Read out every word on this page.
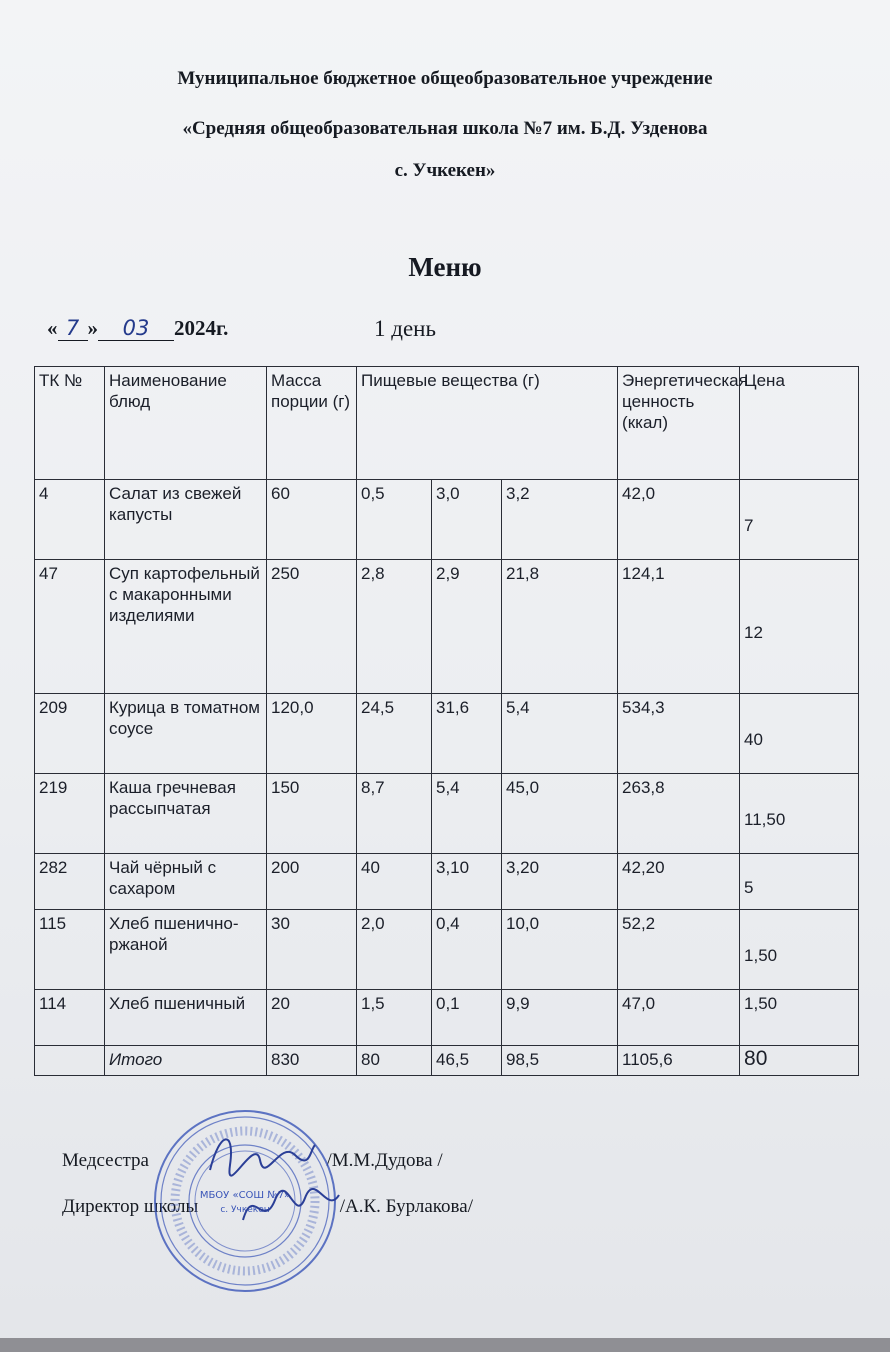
Муниципальное бюджетное общеобразовательное учреждение
«Средняя общеобразовательная школа №7 им. Б.Д. Узденова
с. Учкекен»
Меню
« 7 » 03 2024г.	1 день
ТК №	Наименование блюд	Масса порции (г)	Пищевые вещества (г)			Энергетическая ценность (ккал)	Цена
4	Салат из свежей капусты	60	0,5	3,0	3,2	42,0	7
47	Суп картофельный с макаронными изделиями	250	2,8	2,9	21,8	124,1	12
209	Курица в томатном соусе	120,0	24,5	31,6	5,4	534,3	40
219	Каша гречневая рассыпчатая	150	8,7	5,4	45,0	263,8	11,50
282	Чай чёрный с сахаром	200	40	3,10	3,20	42,20	5
115	Хлеб пшенично-ржаной	30	2,0	0,4	10,0	52,2	1,50
114	Хлеб пшеничный	20	1,5	0,1	9,9	47,0	1,50
	Итого	830	80	46,5	98,5	1105,6	80
Медсестра	/М.М.Дудова /
Директор школы	/А.К. Бурлакова/
МБОУ «СОШ №7»
с. Учкекен
